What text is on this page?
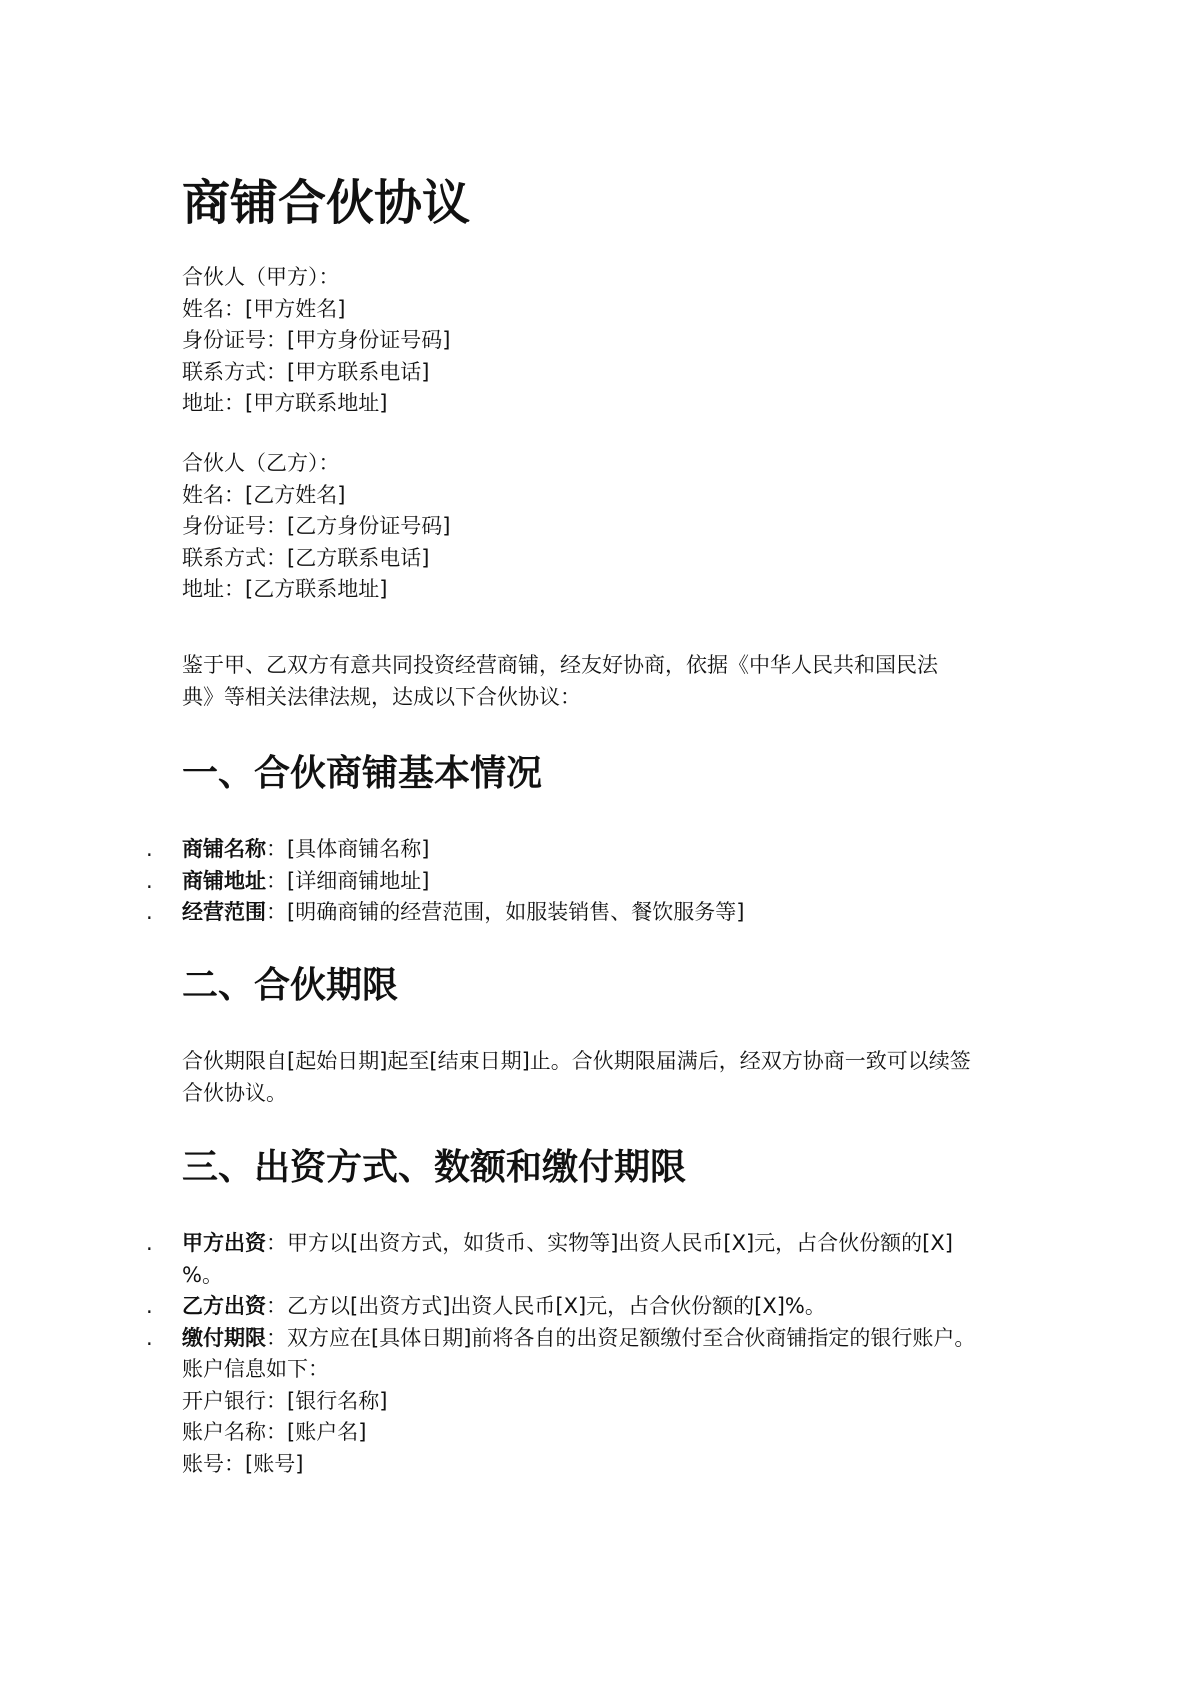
商铺合伙协议
合伙人（甲方）：
姓名：[甲方姓名]
身份证号：[甲方身份证号码]
联系方式：[甲方联系电话]
地址：[甲方联系地址]
合伙人（乙方）：
姓名：[乙方姓名]
身份证号：[乙方身份证号码]
联系方式：[乙方联系电话]
地址：[乙方联系地址]
鉴于甲、乙双方有意共同投资经营商铺，经友好协商，依据《中华人民共和国民法
典》等相关法律法规，达成以下合伙协议：
一、合伙商铺基本情况
. 商铺名称：[具体商铺名称]
. 商铺地址：[详细商铺地址]
. 经营范围：[明确商铺的经营范围，如服装销售、餐饮服务等]
二、合伙期限
合伙期限自[起始日期]起至[结束日期]止。合伙期限届满后，经双方协商一致可以续签
合伙协议。
三、出资方式、数额和缴付期限
. 甲方出资：甲方以[出资方式，如货币、实物等]出资人民币[X]元，占合伙份额的[X]
%。
. 乙方出资：乙方以[出资方式]出资人民币[X]元，占合伙份额的[X]%。
. 缴付期限：双方应在[具体日期]前将各自的出资足额缴付至合伙商铺指定的银行账户。
账户信息如下：
开户银行：[银行名称]
账户名称：[账户名]
账号：[账号]
